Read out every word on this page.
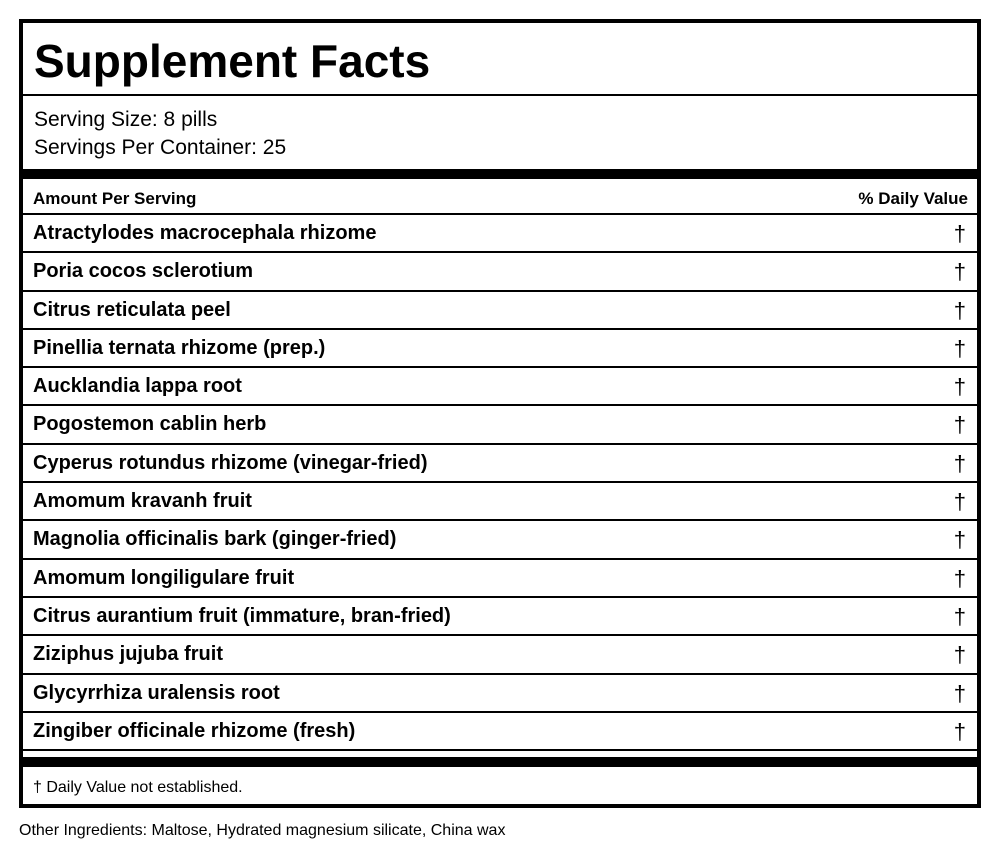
Supplement Facts
Serving Size: 8 pills
Servings Per Container: 25
Amount Per Serving	% Daily Value
Atractylodes macrocephala rhizome	†
Poria cocos sclerotium	†
Citrus reticulata peel	†
Pinellia ternata rhizome (prep.)	†
Aucklandia lappa root	†
Pogostemon cablin herb	†
Cyperus rotundus rhizome (vinegar-fried)	†
Amomum kravanh fruit	†
Magnolia officinalis bark (ginger-fried)	†
Amomum longiligulare fruit	†
Citrus aurantium fruit (immature, bran-fried)	†
Ziziphus jujuba fruit	†
Glycyrrhiza uralensis root	†
Zingiber officinale rhizome (fresh)	†
† Daily Value not established.
Other Ingredients: Maltose, Hydrated magnesium silicate, China wax
